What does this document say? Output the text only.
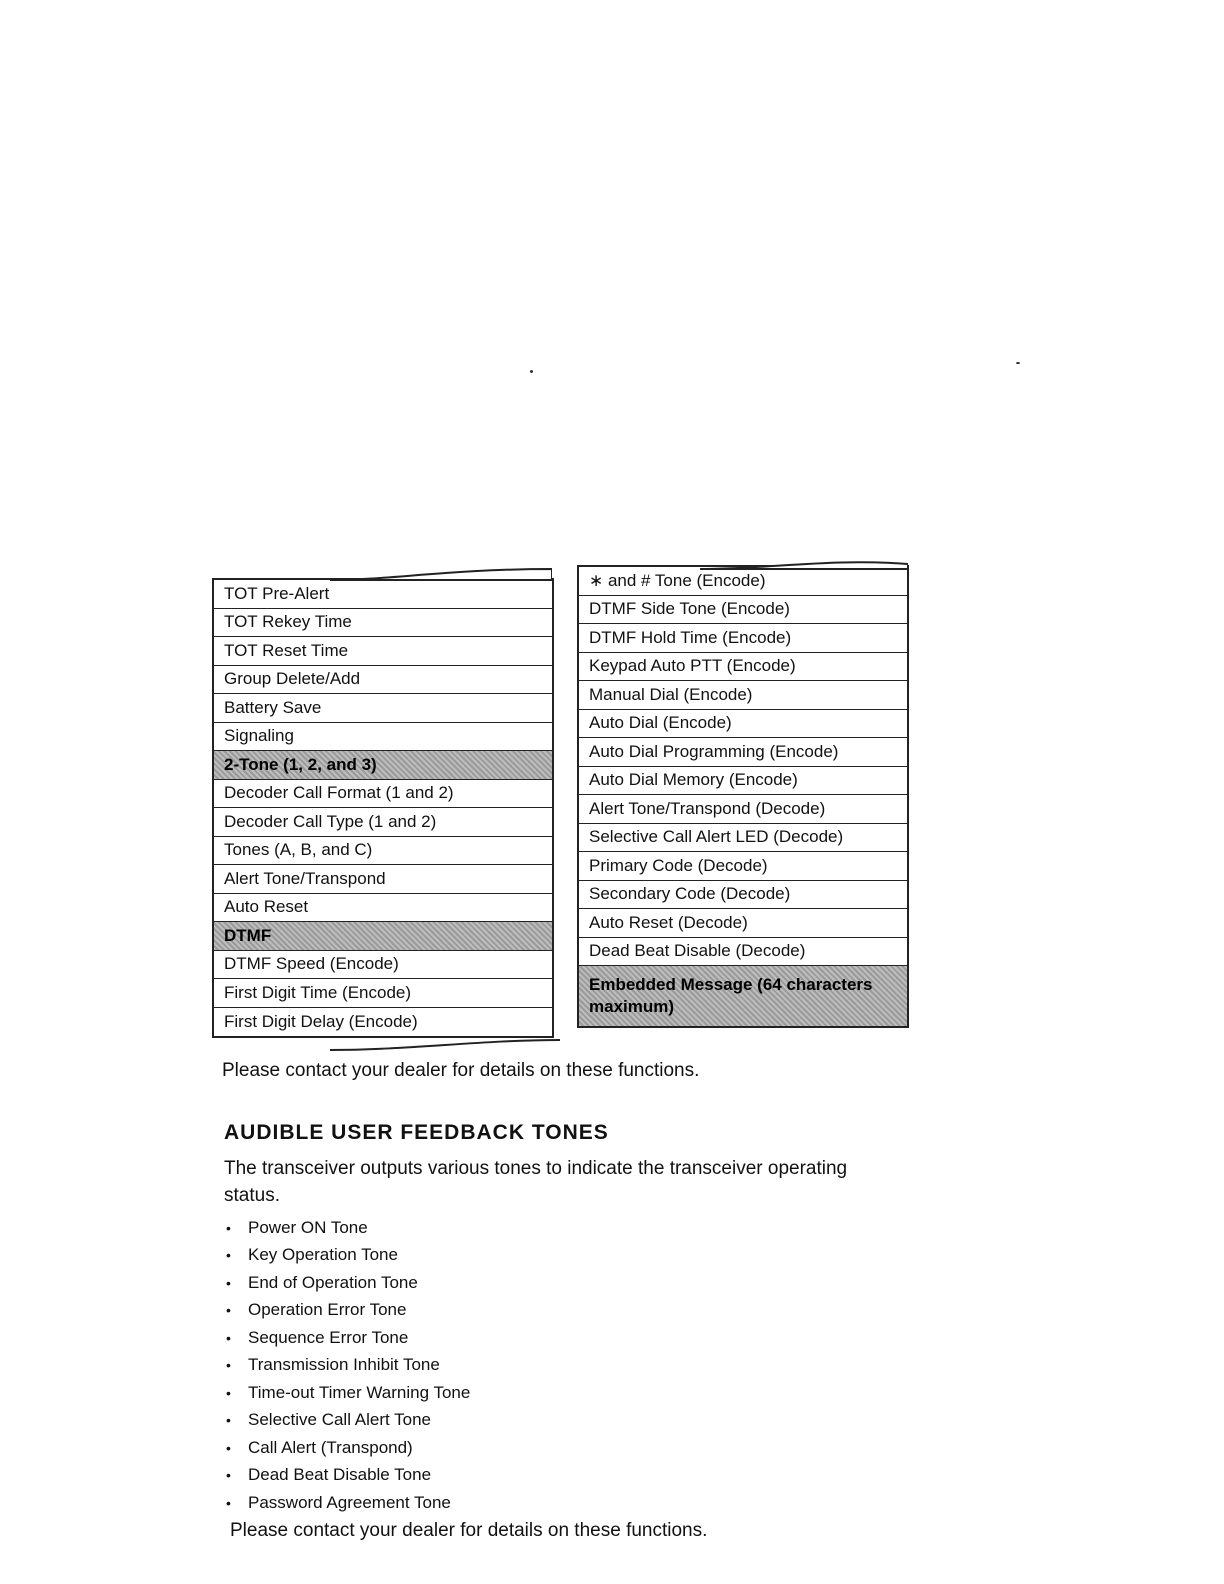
TOT Pre-Alert
TOT Rekey Time
TOT Reset Time
Group Delete/Add
Battery Save
Signaling
2-Tone (1, 2, and 3)
Decoder Call Format (1 and 2)
Decoder Call Type (1 and 2)
Tones (A, B, and C)
Alert Tone/Transpond
Auto Reset
DTMF
DTMF Speed (Encode)
First Digit Time (Encode)
First Digit Delay (Encode)
∗ and # Tone (Encode)
DTMF Side Tone (Encode)
DTMF Hold Time (Encode)
Keypad Auto PTT (Encode)
Manual Dial (Encode)
Auto Dial (Encode)
Auto Dial Programming (Encode)
Auto Dial Memory (Encode)
Alert Tone/Transpond (Decode)
Selective Call Alert LED (Decode)
Primary Code (Decode)
Secondary Code (Decode)
Auto Reset (Decode)
Dead Beat Disable (Decode)
Embedded Message (64 characters maximum)
Please contact your dealer for details on these functions.
AUDIBLE USER FEEDBACK TONES
The transceiver outputs various tones to indicate the transceiver operating status.
•	Power ON Tone
•	Key Operation Tone
•	End of Operation Tone
•	Operation Error Tone
•	Sequence Error Tone
•	Transmission Inhibit Tone
•	Time-out Timer Warning Tone
•	Selective Call Alert Tone
•	Call Alert (Transpond)
•	Dead Beat Disable Tone
•	Password Agreement Tone
Please contact your dealer for details on these functions.
